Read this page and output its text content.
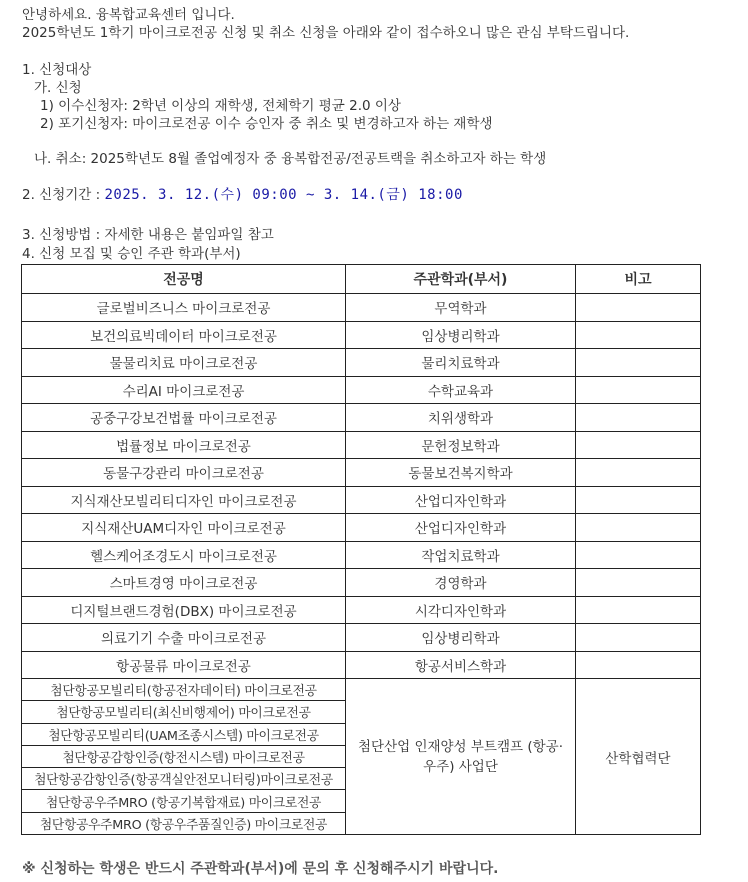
안녕하세요. 융복합교육센터 입니다.
2025학년도 1학기 마이크로전공 신청 및 취소 신청을 아래와 같이 접수하오니 많은 관심 부탁드립니다.
1. 신청대상
가. 신청
1) 이수신청자: 2학년 이상의 재학생, 전체학기 평균 2.0 이상
2) 포기신청자: 마이크로전공 이수 승인자 중 취소 및 변경하고자 하는 재학생
나. 취소: 2025학년도 8월 졸업예정자 중 융복합전공/전공트랙을 취소하고자 하는 학생
2. 신청기간 : 2025. 3. 12.(수) 09:00 ~ 3. 14.(금) 18:00
3. 신청방법 : 자세한 내용은 붙임파일 참고
4. 신청 모집 및 승인 주관 학과(부서)
전공명	주관학과(부서)	비고
글로벌비즈니스 마이크로전공	무역학과	
보건의료빅데이터 마이크로전공	임상병리학과	
물물리치료 마이크로전공	물리치료학과	
수리AI 마이크로전공	수학교육과	
공중구강보건법률 마이크로전공	치위생학과	
법률정보 마이크로전공	문헌정보학과	
동물구강관리 마이크로전공	동물보건복지학과	
지식재산모빌리티디자인 마이크로전공	산업디자인학과	
지식재산UAM디자인 마이크로전공	산업디자인학과	
헬스케어조경도시 마이크로전공	작업치료학과	
스마트경영 마이크로전공	경영학과	
디지털브랜드경험(DBX) 마이크로전공	시각디자인학과	
의료기기 수출 마이크로전공	임상병리학과	
항공물류 마이크로전공	항공서비스학과	
첨단항공모빌리티(항공전자데이터) 마이크로전공	첨단산업 인재양성 부트캠프 (항공·우주) 사업단	산학협력단
첨단항공모빌리티(최신비행제어) 마이크로전공		
첨단항공모빌리티(UAM조종시스템) 마이크로전공		
첨단항공감항인증(항전시스템) 마이크로전공		
첨단항공감항인증(항공객실안전모니터링)마이크로전공		
첨단항공우주MRO (항공기복합재료) 마이크로전공		
첨단항공우주MRO (항공우주품질인증) 마이크로전공		
※ 신청하는 학생은 반드시 주관학과(부서)에 문의 후 신청해주시기 바랍니다.
